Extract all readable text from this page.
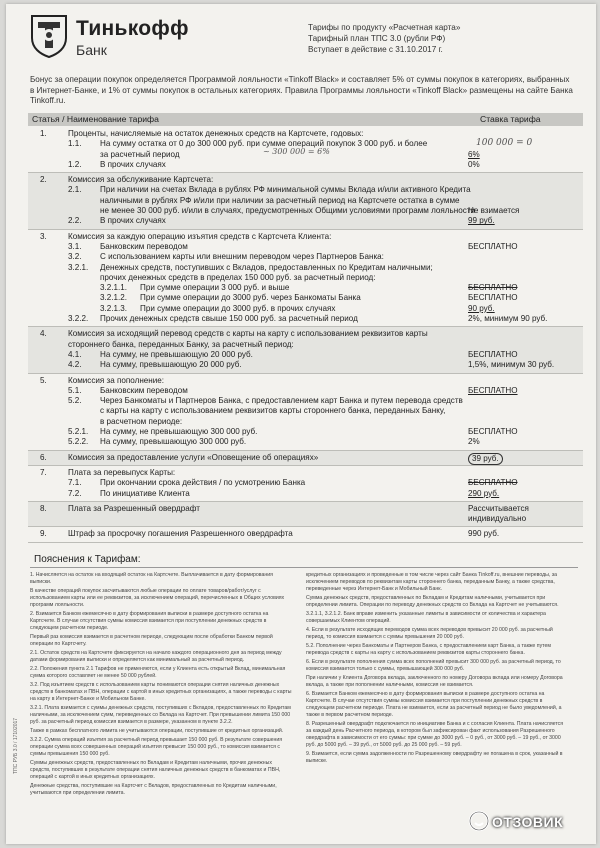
Тинькофф
Банк
Тарифы по продукту «Расчетная карта»
Тарифный план ТПС 3.0 (рубли РФ)
Вступает в действие с 31.10.2017 г.
Бонус за операции покупок определяется Программой лояльности «Tinkoff Black» и составляет 5% от суммы покупок в категориях, выбранных
в Интернет-Банке, и 1% от суммы покупок в остальных категориях. Правила Программы лояльности «Tinkoff Black» размещены на сайте Банка
Tinkoff.ru.
Статья / Наименование тарифа	Ставка тарифа
1.	Проценты, начисляемые на остаток денежных средств на Картсчете, годовых:
1.1. На сумму остатка от 0 до 300 000 руб. при сумме операций покупок 3 000 руб. и более	100 000 = 0
за расчетный период	~ 300 000 = 6%	6%
1.2. В прочих случаях	0%
2.	Комиссия за обслуживание Картсчета:
2.1. При наличии на счетах Вклада в рублях РФ минимальной суммы Вклада и/или активного Кредита
наличными в рублях РФ и/или при наличии за расчетный период на Картсчете остатка в сумме
не менее 30 000 руб. и/или в случаях, предусмотренных Общими условиями программ лояльности
Не взимается
2.2. В прочих случаях	99 руб.
3.	Комиссия за каждую операцию изъятия средств с Картсчета Клиента:
3.1. Банковским переводом	БЕСПЛАТНО
3.2. С использованием карты или внешним переводом через Партнеров Банка:
3.2.1. Денежных средств, поступивших с Вкладов, предоставленных по Кредитам наличными;
прочих денежных средств в пределах 150 000 руб. за расчетный период:
3.2.1.1. При сумме операции 3 000 руб. и выше	БЕСПЛАТНО
3.2.1.2. При сумме операции до 3000 руб. через Банкоматы Банка	БЕСПЛАТНО
3.2.1.3. При сумме операции до 3000 руб. в прочих случаях	90 руб.
3.2.2. Прочих денежных средств свыше 150 000 руб. за расчетный период	2%, минимум 90 руб.
4.	Комиссия за исходящий перевод средств с карты на карту с использованием реквизитов карты
стороннего банка, переданных Банку, за расчетный период:
4.1. На сумму, не превышающую 20 000 руб.	БЕСПЛАТНО
4.2. На сумму, превышающую 20 000 руб.	1,5%, минимум 30 руб.
5.	Комиссия за пополнение:
5.1. Банковским переводом	БЕСПЛАТНО
5.2. Через Банкоматы и Партнеров Банка, с предоставлением карт Банка и путем перевода средств
с карты на карту с использованием реквизитов карты стороннего банка, переданных Банку,
в расчетном периоде:
5.2.1. На сумму, не превышающую 300 000 руб.	БЕСПЛАТНО
5.2.2. На сумму, превышающую 300 000 руб.	2%
6.	Комиссия за предоставление услуги «Оповещение об операциях»	39 руб.
7.	Плата за перевыпуск Карты:
7.1. При окончании срока действия / по усмотрению Банка	БЕСПЛАТНО
7.2. По инициативе Клиента	290 руб.
8.	Плата за Разрешенный овердрафт	Рассчитывается
индивидуально
9.	Штраф за просрочку погашения Разрешенного овердрафта	990 руб.
Пояснения к Тарифам:

1. Начисляется на остаток на входящий остаток на Картсчете. Выплачивается в дату формирования выписки.

В качестве операций покупок засчитываются любые операции по оплате товаров/работ/услуг с использованием карты или ее реквизитов, за исключением операций, перечисленных в Общих условиях программ лояльности.

2. Взимается Банком ежемесячно в дату формирования выписки в размере доступного остатка на Картсчете. В случае отсутствия суммы комиссия взимается при поступлении денежных средств в следующем расчетном периоде.

Первый раз комиссия взимается в расчетном периоде, следующим после обработки Банком первой операции по Картсчету.

2.1. Остаток средств на Картсчете фиксируется на начало каждого операционного дня за период между датами формирования выписки и определяется как минимальный за расчетный период.

2.2. Положения пункта 2.1 Тарифов не применяются, если у Клиента есть открытый Вклад, минимальная сумма которого составляет не менее 50 000 рублей.

3.2. Под изъятием средств с использованием карты понимаются операции снятия наличных денежных средств в банкоматах и ПВН, операции с картой в иных кредитных организациях, а также переводы с карты на карту в Интернет-Банке и Мобильном Банке.

3.2.1. Плата взимается с суммы денежных средств, поступивших с Вкладов, предоставленных по Кредитам наличными, за исключением сумм, переведенных со Вклада на Картсчет. При превышении лимита 150 000 руб. за расчетный период комиссия взимается в размере, указанном в пункте 3.2.2.

Также в рамках бесплатного лимита не учитываются операции, поступившие от кредитных организаций.

3.2.2. Сумма операций изъятия за расчетный период превышает 150 000 руб. В результате совершения операции сумма всех совершенных операций изъятия превысит 150 000 руб., то комиссия взимается с суммы превышения 150 000 руб.

Суммы денежных средств, предоставленных по Вкладам и Кредитам наличными, прочих денежных средств, поступивших в результате операции снятия наличных денежных средств в банкоматах и ПВН, операций с картой в иных кредитных организациях.

Денежные средства, поступившие на Картсчет с Вкладов, предоставленных по Кредитам наличными, учитываются при определении лимита.

кредитных организациях и проведенные в том числе через сайт Банка Tinkoff.ru, внешние переводы, за исключением переводов по реквизитам карты стороннего банка, переданным Банку, а также средства, переведенные через Интернет-Банк и Мобильный Банк.

Сумма денежных средств, предоставленных по Вкладам и Кредитам наличными, учитывается при определении лимита. Операции по переводу денежных средств со Вклада на Картсчет не учитываются.

3.2.1.1, 3.2.1.2. Банк вправе изменить указанные лимиты в зависимости от количества и характера совершаемых Клиентом операций.

4. Если в результате исходящих переводов сумма всех переводов превысит 20 000 руб. за расчетный период, то комиссия взимается с суммы превышения 20 000 руб.

5.2. Пополнение через Банкоматы и Партнеров Банка, с предоставлением карт Банка, а также путем перевода средств с карты на карту с использованием реквизитов карты стороннего банка.

6. Если в результате пополнения сумма всех пополнений превысит 300 000 руб. за расчетный период, то комиссия взимается только с суммы, превышающей 300 000 руб.

При наличии у Клиента Договора вклада, заключенного по номеру Договора вклада или номеру Договора вклада, а также при пополнении наличными, комиссия не взимается.

6. Взимается Банком ежемесячно в дату формирования выписки в размере доступного остатка на Картсчете. В случае отсутствия суммы комиссия взимается при поступлении денежных средств в следующем расчетном периоде. Плата не взимается, если за расчетный период не было уведомлений, а также в первом расчетном периоде.

8. Разрешенный овердрафт подключается по инициативе Банка и с согласия Клиента. Плата начисляется за каждый день Расчетного периода, в котором был зафиксирован факт использования Разрешенного овердрафта в зависимости от его суммы: при сумме до 3000 руб. – 0 руб., от 3000 руб. – 19 руб., от 3000 руб. до 5000 руб. – 39 руб., от 5000 руб. до 25 000 руб. – 59 руб.

9. Взимается, если сумма задолженности по Разрешенному овердрафту не погашена в срок, указанный в выписке.

ТПС РУБ 3.0 / 17102017
ОТЗОВИК
